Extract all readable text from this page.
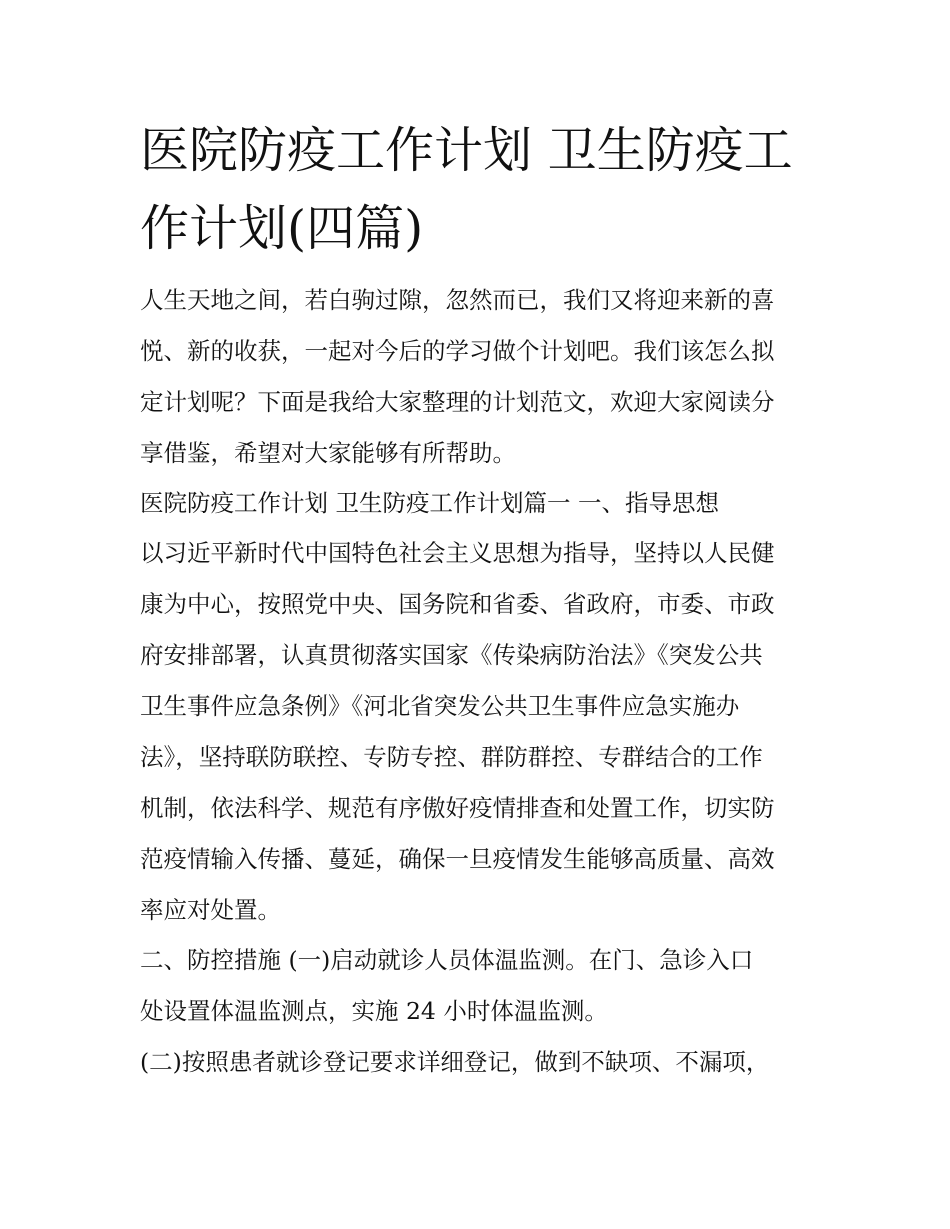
医院防疫工作计划 卫生防疫工
作计划(四篇)

人生天地之间，若白驹过隙，忽然而已，我们又将迎来新的喜

悦、新的收获，一起对今后的学习做个计划吧。我们该怎么拟

定计划呢？下面是我给大家整理的计划范文，欢迎大家阅读分

享借鉴，希望对大家能够有所帮助。

医院防疫工作计划 卫生防疫工作计划篇一 一、指导思想

以习近平新时代中国特色社会主义思想为指导，坚持以人民健

康为中心，按照党中央、国务院和省委、省政府，市委、市政

府安排部署，认真贯彻落实国家《传染病防治法》《突发公共

卫生事件应急条例》《河北省突发公共卫生事件应急实施办

法》，坚持联防联控、专防专控、群防群控、专群结合的工作

机制，依法科学、规范有序傲好疫情排查和处置工作，切实防

范疫情输入传播、蔓延，确保一旦疫情发生能够高质量、高效

率应对处置。

二、防控措施 (一)启动就诊人员体温监测。在门、急诊入口

处设置体温监测点，实施 24 小时体温监测。

(二)按照患者就诊登记要求详细登记，做到不缺项、不漏项，
